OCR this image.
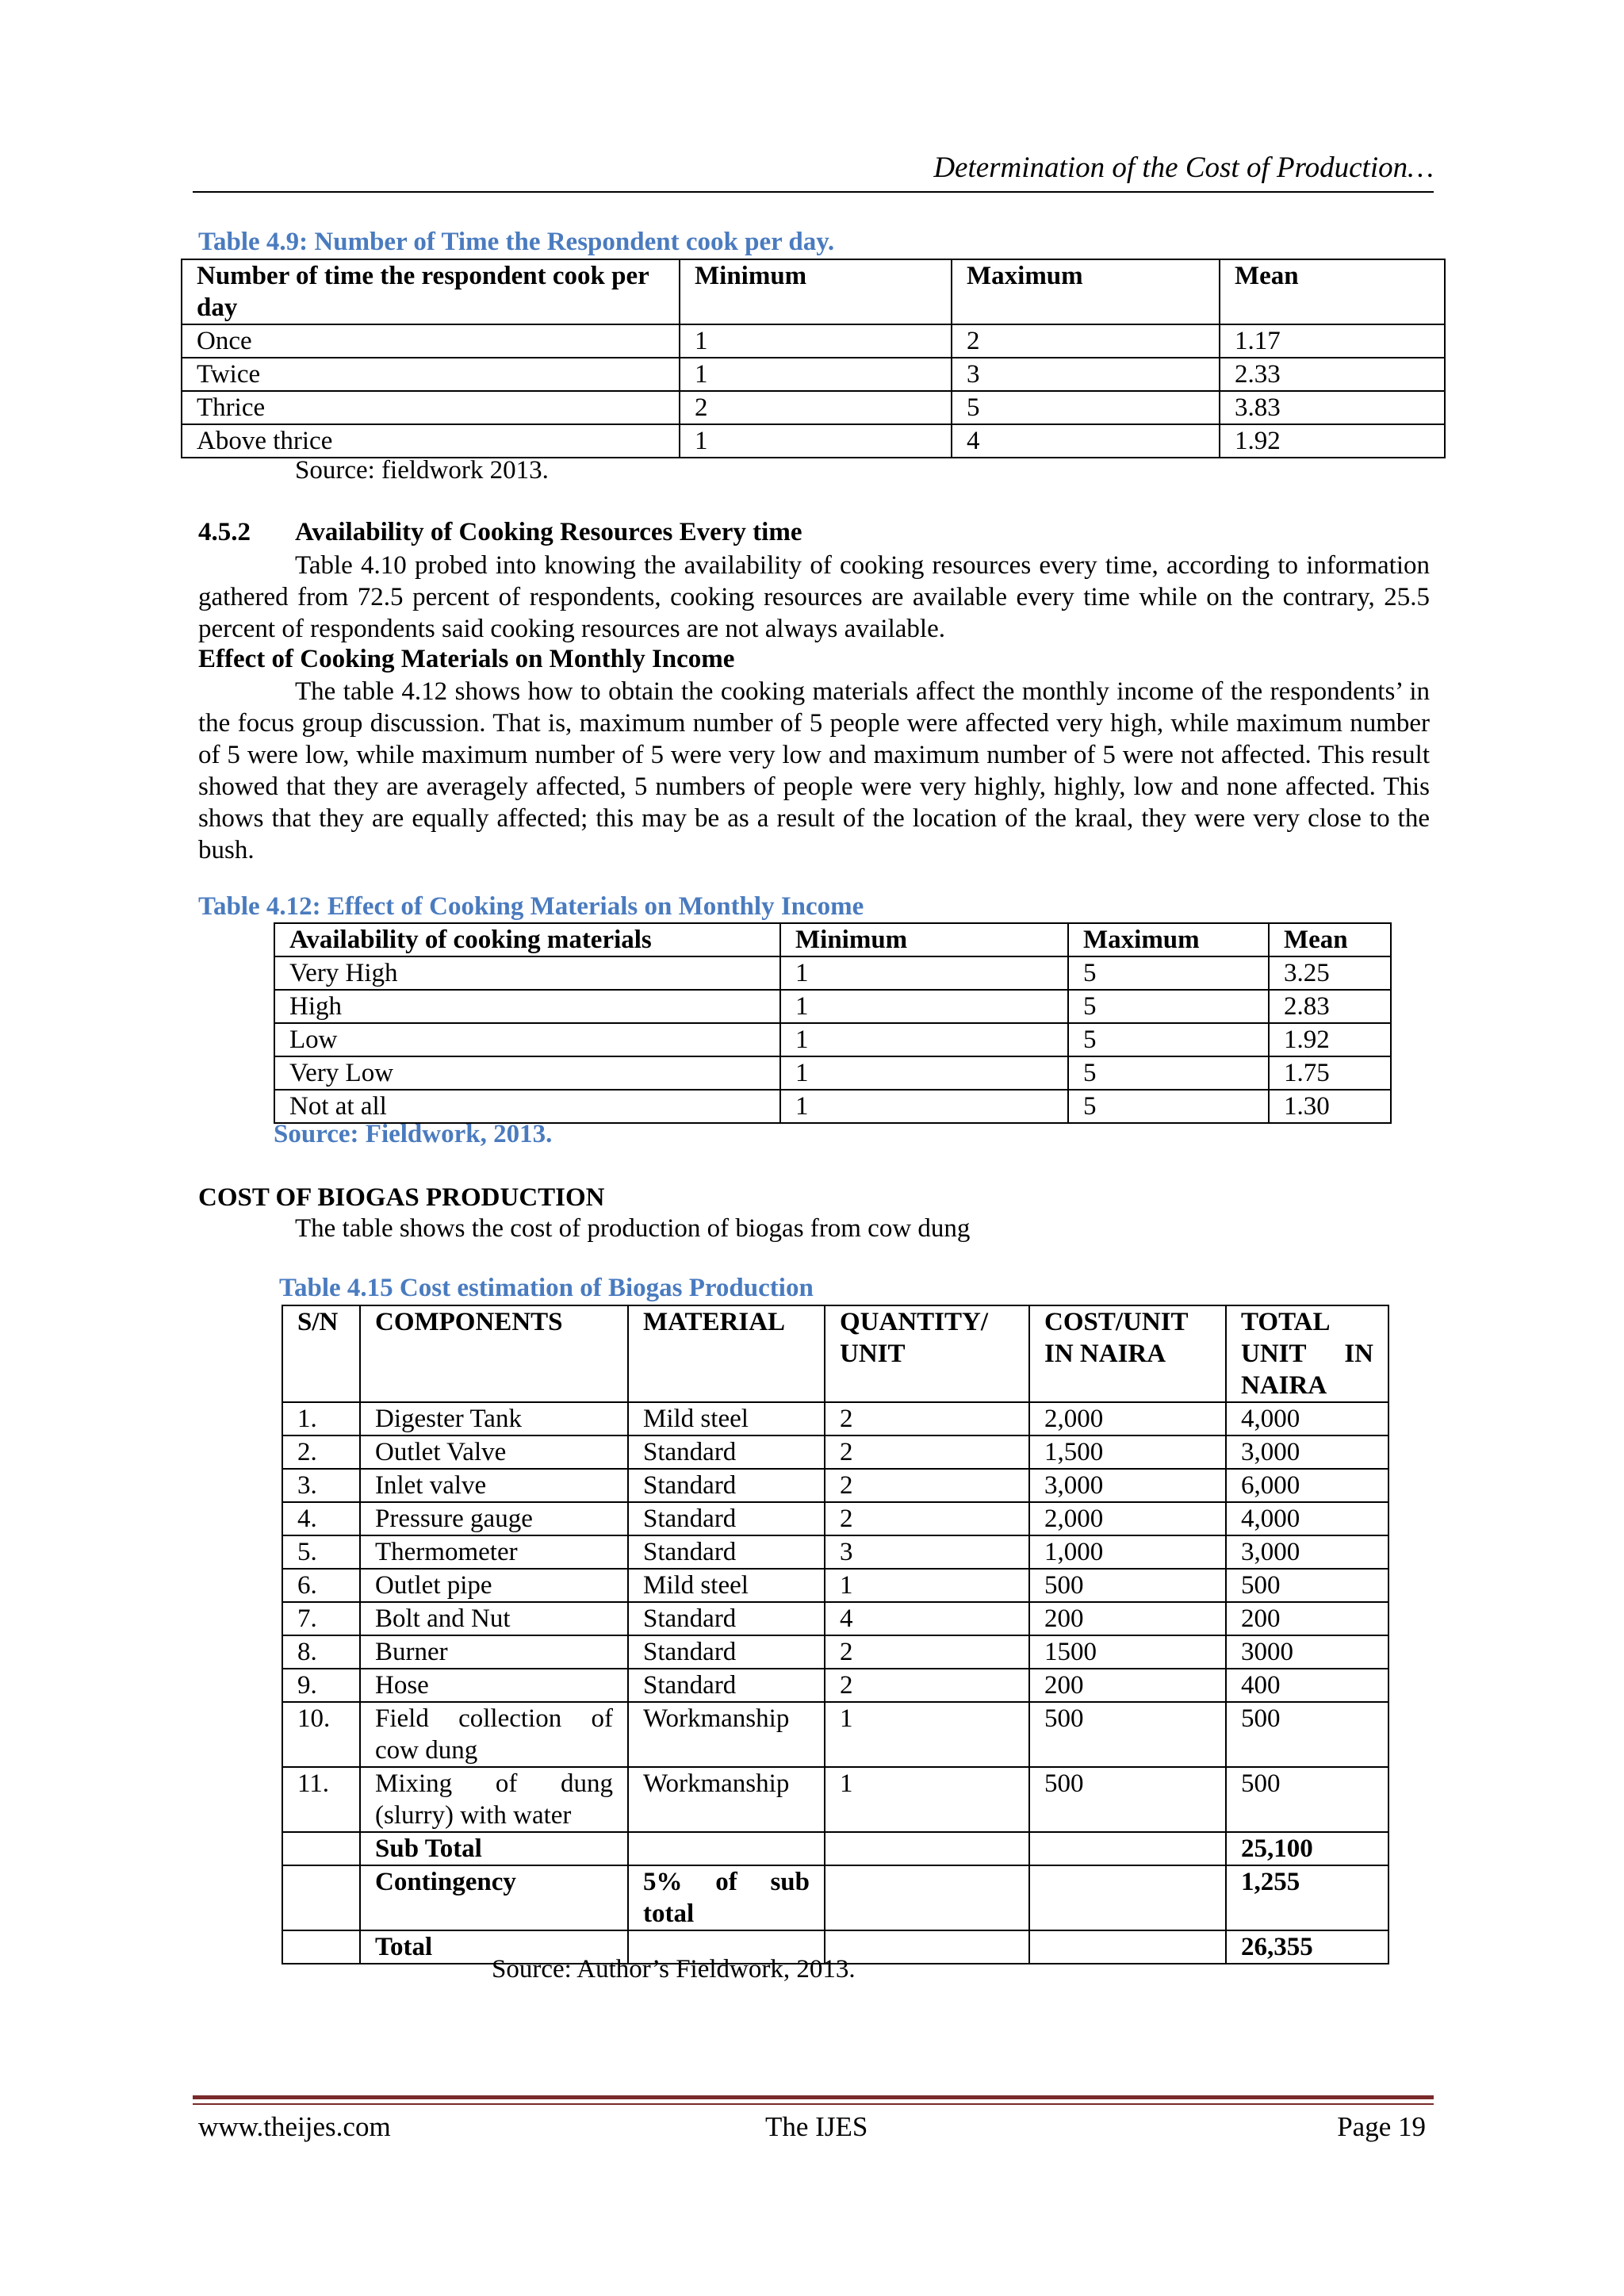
Determination of the Cost of Production…
Table 4.9: Number of Time the Respondent cook per day.
Number of time the respondent cook per day	Minimum	Maximum	Mean
Once	1	2	1.17
Twice	1	3	2.33
Thrice	2	5	3.83
Above thrice	1	4	1.92
Source: fieldwork 2013.
4.5.2 Availability of Cooking Resources Every time
Table 4.10 probed into knowing the availability of cooking resources every time, according to information gathered from 72.5 percent of respondents, cooking resources are available every time while on the contrary, 25.5 percent of respondents said cooking resources are not always available.
Effect of Cooking Materials on Monthly Income
The table 4.12 shows how to obtain the cooking materials affect the monthly income of the respondents’ in the focus group discussion. That is, maximum number of 5 people were affected very high, while maximum number of 5 were low, while maximum number of 5 were very low and maximum number of 5 were not affected. This result showed that they are averagely affected, 5 numbers of people were very highly, highly, low and none affected. This shows that they are equally affected; this may be as a result of the location of the kraal, they were very close to the bush.
Table 4.12: Effect of Cooking Materials on Monthly Income
Availability of cooking materials	Minimum	Maximum	Mean
Very High	1	5	3.25
High	1	5	2.83
Low	1	5	1.92
Very Low	1	5	1.75
Not at all	1	5	1.30
Source: Fieldwork, 2013.
COST OF BIOGAS PRODUCTION
The table shows the cost of production of biogas from cow dung
Table 4.15 Cost estimation of Biogas Production
S/N	COMPONENTS	MATERIAL	QUANTITY/ UNIT	COST/UNIT IN NAIRA	TOTAL UNIT IN NAIRA
1.	Digester Tank	Mild steel	2	2,000	4,000
2.	Outlet Valve	Standard	2	1,500	3,000
3.	Inlet valve	Standard	2	3,000	6,000
4.	Pressure gauge	Standard	2	2,000	4,000
5.	Thermometer	Standard	3	1,000	3,000
6.	Outlet pipe	Mild steel	1	500	500
7.	Bolt and Nut	Standard	4	200	200
8.	Burner	Standard	2	1500	3000
9.	Hose	Standard	2	200	400
10.	Field collection of cow dung	Workmanship	1	500	500
11.	Mixing of dung (slurry) with water	Workmanship	1	500	500
	Sub Total				25,100
	Contingency	5% of sub total			1,255
	Total				26,355
Source: Author’s Fieldwork, 2013.
www.theijes.com	The IJES	Page 19
